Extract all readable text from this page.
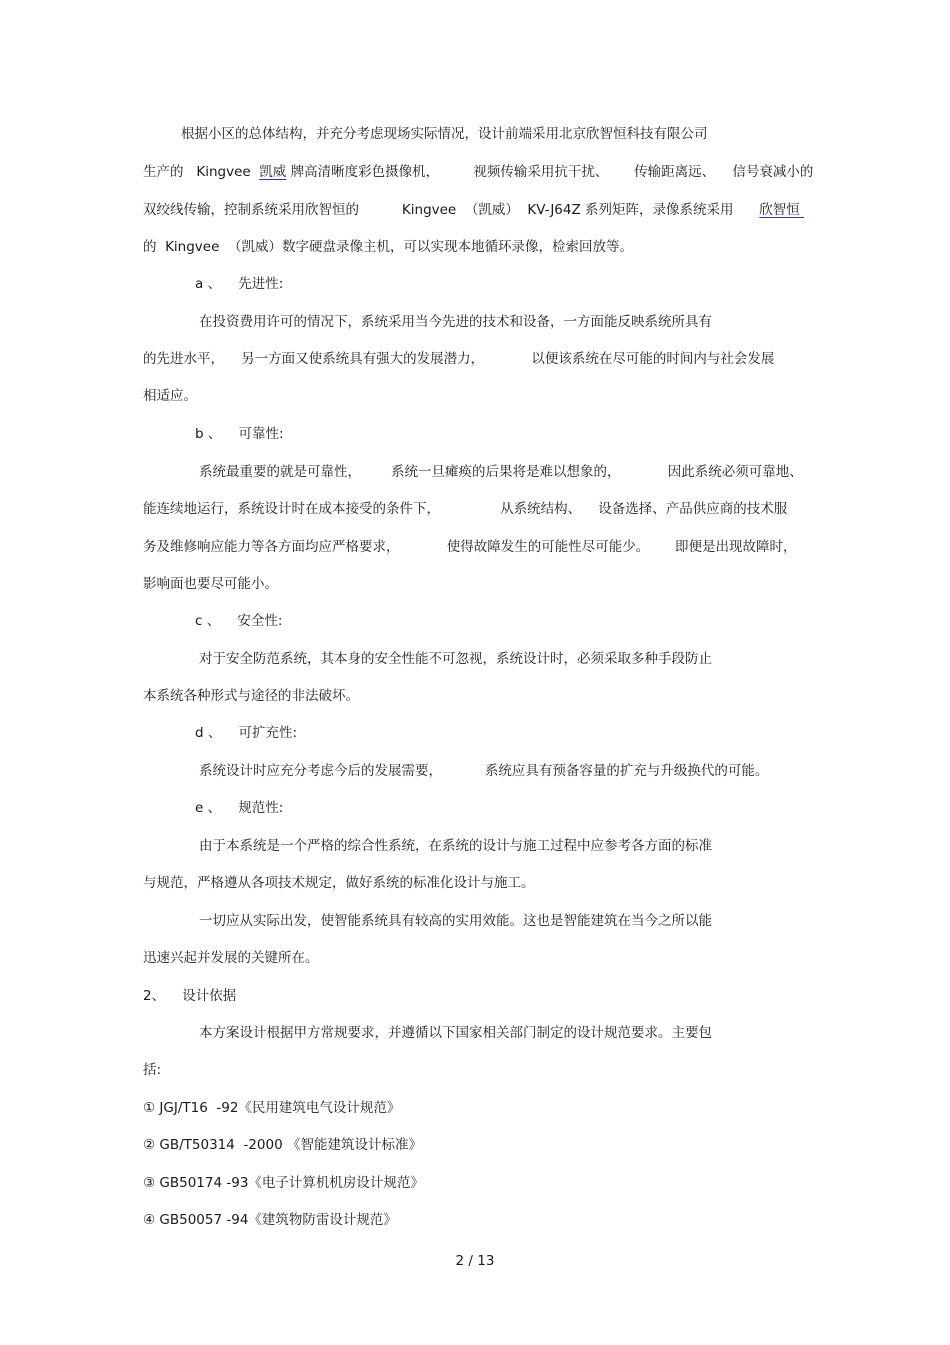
根据小区的总体结构，并充分考虑现场实际情况，设计前端采用北京欣智恒科技有限公司
生产的   Kingvee  凯威 牌高清晰度彩色摄像机，        视频传输采用抗干扰、      传输距离远、    信号衰减小的
双绞线传输，控制系统采用欣智恒的          Kingvee  （凯威）  KV-J64Z 系列矩阵，录像系统采用      欣智恒
的  Kingvee  （凯威）数字硬盘录像主机，可以实现本地循环录像，检索回放等。
a 、    先进性:
在投资费用许可的情况下，系统采用当今先进的技术和设备，一方面能反映系统所具有
的先进水平，    另一方面又使系统具有强大的发展潜力，           以便该系统在尽可能的时间内与社会发展
相适应。
b 、    可靠性:
系统最重要的就是可靠性，       系统一旦瘫痪的后果将是难以想象的，           因此系统必须可靠地、
能连续地运行，系统设计时在成本接受的条件下，              从系统结构、    设备选择、产品供应商的技术服
务及维修响应能力等各方面均应严格要求，           使得故障发生的可能性尽可能少。      即便是出现故障时，
影响面也要尽可能小。
c 、    安全性:
对于安全防范系统，其本身的安全性能不可忽视，系统设计时，必须采取多种手段防止
本系统各种形式与途径的非法破坏。
d 、    可扩充性:
系统设计时应充分考虑今后的发展需要，          系统应具有预备容量的扩充与升级换代的可能。
e 、    规范性:
由于本系统是一个严格的综合性系统，在系统的设计与施工过程中应参考各方面的标准
与规范，严格遵从各项技术规定，做好系统的标准化设计与施工。
一切应从实际出发，使智能系统具有较高的实用效能。这也是智能建筑在当今之所以能
迅速兴起并发展的关键所在。
2、    设计依据
本方案设计根据甲方常规要求，并遵循以下国家相关部门制定的设计规范要求。主要包
括:
① JGJ/T16  -92《民用建筑电气设计规范》
② GB/T50314  -2000 《智能建筑设计标准》
③ GB50174 -93《电子计算机机房设计规范》
④ GB50057 -94《建筑物防雷设计规范》
2 / 13
